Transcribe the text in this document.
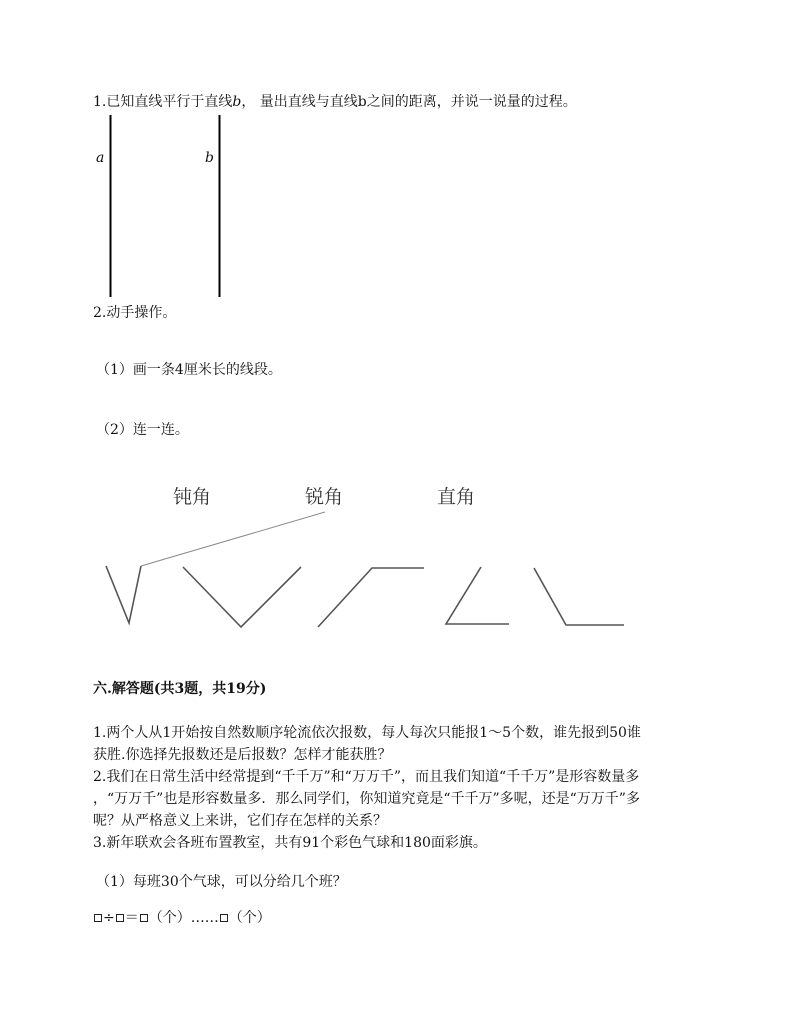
1.已知直线平行于直线b， 量出直线与直线b之间的距离，并说一说量的过程。
a	b
2.动手操作。
（1）画一条4厘米长的线段。
（2）连一连。
钝角	锐角	直角
六.解答题(共3题，共19分)
1.两个人从1开始按自然数顺序轮流依次报数，每人每次只能报1～5个数，谁先报到50谁
获胜.你选择先报数还是后报数？怎样才能获胜？
2.我们在日常生活中经常提到“千千万”和“万万千”，而且我们知道“千千万”是形容数量多
，“万万千”也是形容数量多．那么同学们，你知道究竟是“千千万”多呢，还是“万万千”多
呢？从严格意义上来讲，它们存在怎样的关系？
3.新年联欢会各班布置教室，共有91个彩色气球和180面彩旗。
（1）每班30个气球，可以分给几个班？
÷ ＝ （个）…… （个）
